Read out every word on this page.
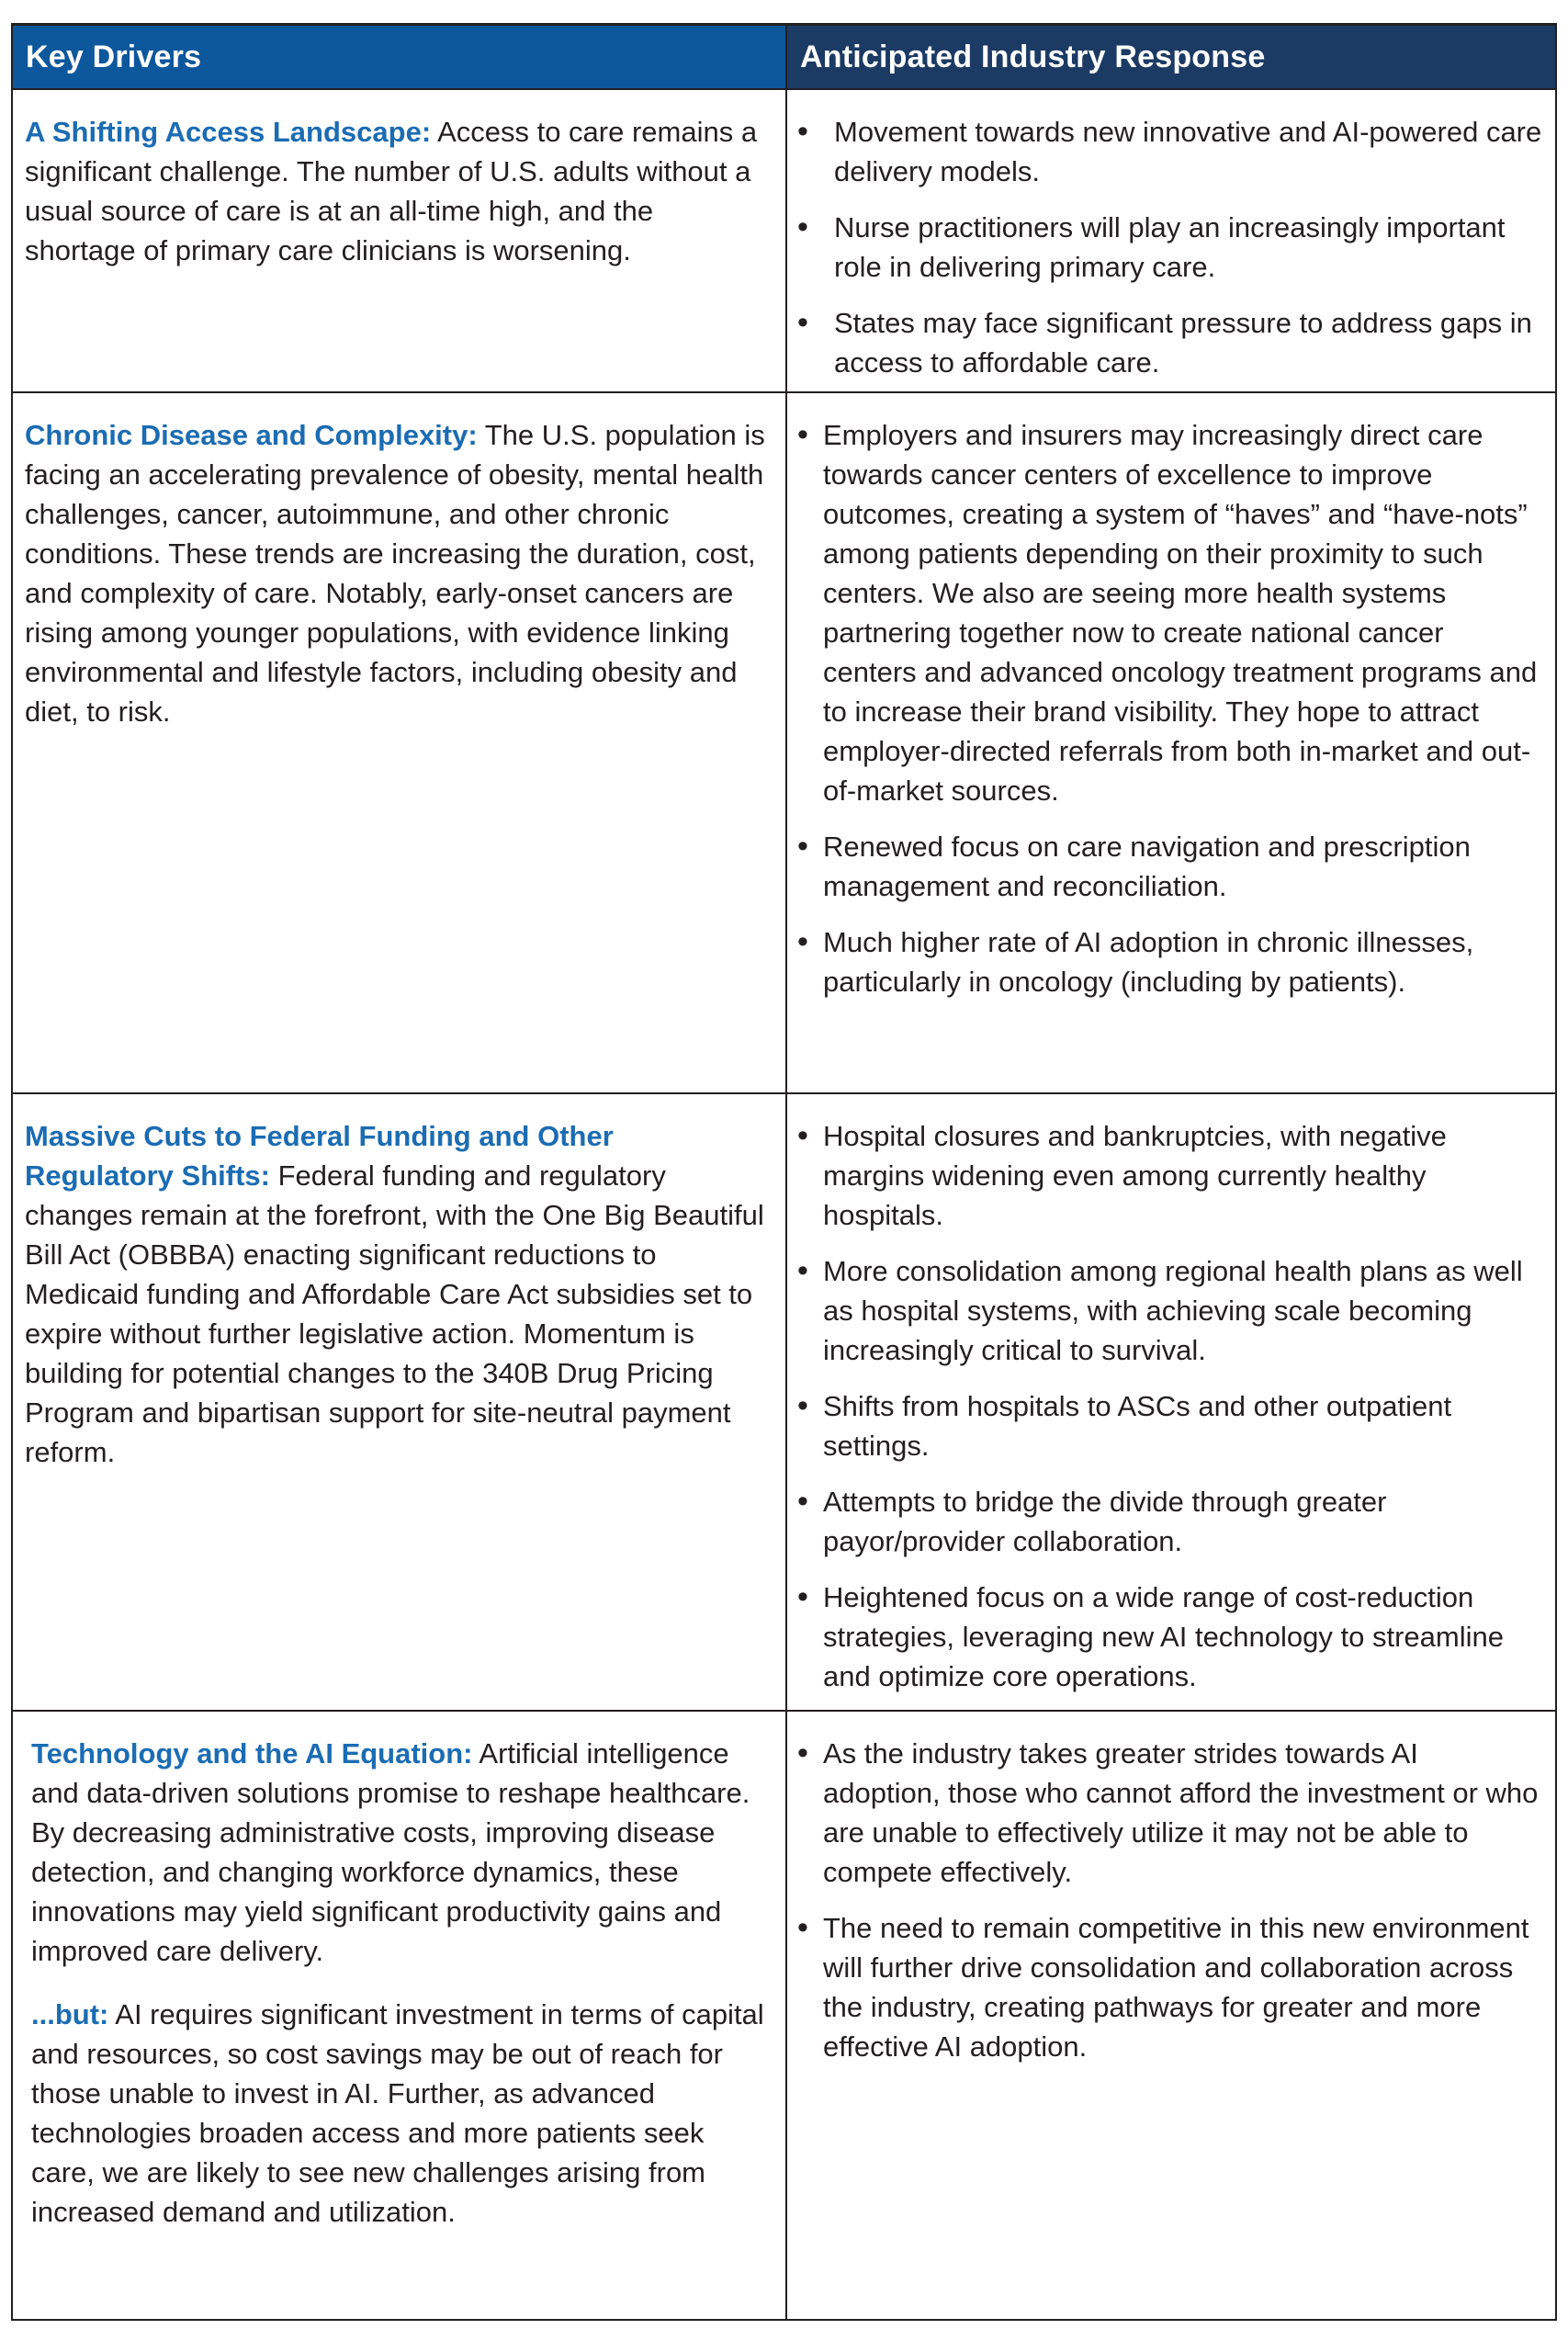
Key Drivers	Anticipated Industry Response

A Shifting Access Landscape: Access to care remains a significant challenge. The number of U.S. adults without a usual source of care is at an all-time high, and the shortage of primary care clinicians is worsening.

• Movement towards new innovative and AI-powered care delivery models.
• Nurse practitioners will play an increasingly important role in delivering primary care.
• States may face significant pressure to address gaps in access to affordable care.

Chronic Disease and Complexity: The U.S. population is facing an accelerating prevalence of obesity, mental health challenges, cancer, autoimmune, and other chronic conditions. These trends are increasing the duration, cost, and complexity of care. Notably, early-onset cancers are rising among younger populations, with evidence linking environmental and lifestyle factors, including obesity and diet, to risk.

• Employers and insurers may increasingly direct care towards cancer centers of excellence to improve outcomes, creating a system of “haves” and “have-nots” among patients depending on their proximity to such centers. We also are seeing more health systems partnering together now to create national cancer centers and advanced oncology treatment programs and to increase their brand visibility. They hope to attract employer-directed referrals from both in-market and out-of-market sources.
• Renewed focus on care navigation and prescription management and reconciliation.
• Much higher rate of AI adoption in chronic illnesses, particularly in oncology (including by patients).

Massive Cuts to Federal Funding and Other Regulatory Shifts: Federal funding and regulatory changes remain at the forefront, with the One Big Beautiful Bill Act (OBBBA) enacting significant reductions to Medicaid funding and Affordable Care Act subsidies set to expire without further legislative action. Momentum is building for potential changes to the 340B Drug Pricing Program and bipartisan support for site-neutral payment reform.

• Hospital closures and bankruptcies, with negative margins widening even among currently healthy hospitals.
• More consolidation among regional health plans as well as hospital systems, with achieving scale becoming increasingly critical to survival.
• Shifts from hospitals to ASCs and other outpatient settings.
• Attempts to bridge the divide through greater payor/provider collaboration.
• Heightened focus on a wide range of cost-reduction strategies, leveraging new AI technology to streamline and optimize core operations.

Technology and the AI Equation: Artificial intelligence and data-driven solutions promise to reshape healthcare. By decreasing administrative costs, improving disease detection, and changing workforce dynamics, these innovations may yield significant productivity gains and improved care delivery.

...but: AI requires significant investment in terms of capital and resources, so cost savings may be out of reach for those unable to invest in AI. Further, as advanced technologies broaden access and more patients seek care, we are likely to see new challenges arising from increased demand and utilization.

• As the industry takes greater strides towards AI adoption, those who cannot afford the investment or who are unable to effectively utilize it may not be able to compete effectively.
• The need to remain competitive in this new environment will further drive consolidation and collaboration across the industry, creating pathways for greater and more effective AI adoption.
